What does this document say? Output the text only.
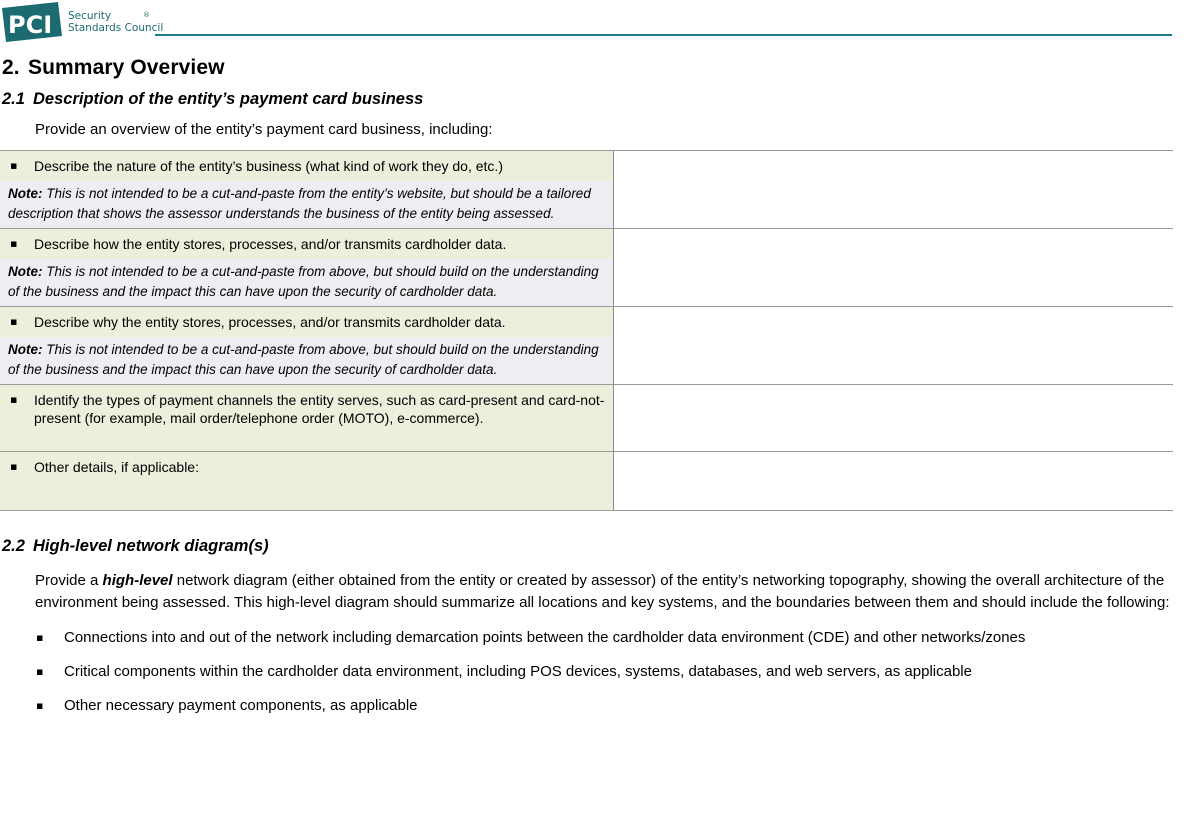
PCI Security
Standards Council
®
2. Summary Overview
2.1 Description of the entity’s payment card business
Provide an overview of the entity’s payment card business, including:
▪ Describe the nature of the entity’s business (what kind of work they do, etc.)
Note: This is not intended to be a cut-and-paste from the entity’s website, but should be a tailored description that shows the assessor understands the business of the entity being assessed.	

▪ Describe how the entity stores, processes, and/or transmits cardholder data.
Note: This is not intended to be a cut-and-paste from above, but should build on the understanding of the business and the impact this can have upon the security of cardholder data.	

▪ Describe why the entity stores, processes, and/or transmits cardholder data.
Note: This is not intended to be a cut-and-paste from above, but should build on the understanding of the business and the impact this can have upon the security of cardholder data.	

▪ Identify the types of payment channels the entity serves, such as card-present and card-not-present (for example, mail order/telephone order (MOTO), e-commerce).	

▪ Other details, if applicable:	

2.2 High-level network diagram(s)
Provide a high-level network diagram (either obtained from the entity or created by assessor) of the entity’s networking topography, showing the overall architecture of the environment being assessed. This high-level diagram should summarize all locations and key systems, and the boundaries between them and should include the following:
▪ Connections into and out of the network including demarcation points between the cardholder data environment (CDE) and other networks/zones
▪ Critical components within the cardholder data environment, including POS devices, systems, databases, and web servers, as applicable
▪ Other necessary payment components, as applicable
